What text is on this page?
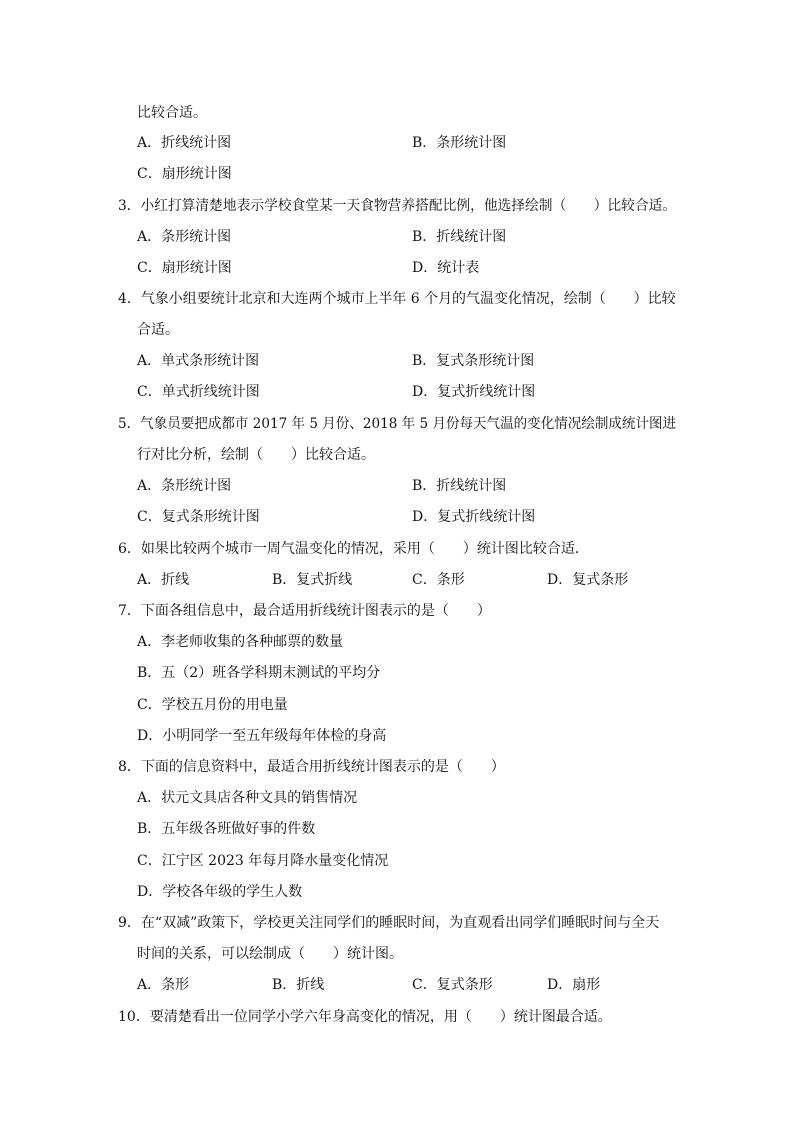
比较合适。
A．折线统计图	B．条形统计图
C．扇形统计图
3．小红打算清楚地表示学校食堂某一天食物营养搭配比例，他选择绘制（　　）比较合适。
A．条形统计图	B．折线统计图
C．扇形统计图	D．统计表
4．气象小组要统计北京和大连两个城市上半年 6 个月的气温变化情况，绘制（　　）比较
合适。
A．单式条形统计图	B．复式条形统计图
C．单式折线统计图	D．复式折线统计图
5．气象员要把成都市 2017 年 5 月份、2018 年 5 月份每天气温的变化情况绘制成统计图进
行对比分析，绘制（　　）比较合适。
A．条形统计图	B．折线统计图
C．复式条形统计图	D．复式折线统计图
6．如果比较两个城市一周气温变化的情况，采用（　　）统计图比较合适．
A．折线	B．复式折线	C．条形	D．复式条形
7．下面各组信息中，最合适用折线统计图表示的是（　　）
A．李老师收集的各种邮票的数量
B．五（2）班各学科期末测试的平均分
C．学校五月份的用电量
D．小明同学一至五年级每年体检的身高
8．下面的信息资料中，最适合用折线统计图表示的是（　　）
A．状元文具店各种文具的销售情况
B．五年级各班做好事的件数
C．江宁区 2023 年每月降水量变化情况
D．学校各年级的学生人数
9．在“双减”政策下，学校更关注同学们的睡眠时间，为直观看出同学们睡眠时间与全天
时间的关系，可以绘制成（　　）统计图。
A．条形	B．折线	C．复式条形	D．扇形
10．要清楚看出一位同学小学六年身高变化的情况，用（　　）统计图最合适。
